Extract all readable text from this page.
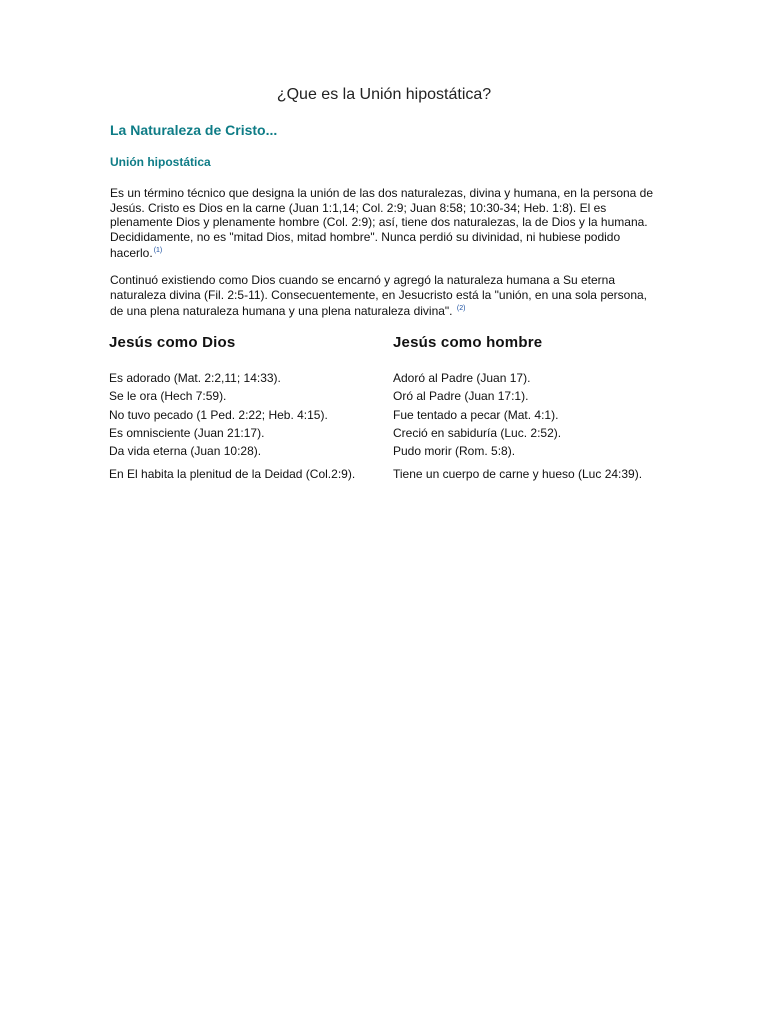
¿Que es la Unión hipostática?
La Naturaleza de Cristo...
Unión hipostática
Es un término técnico que designa la unión de las dos naturalezas, divina y humana, en la persona de Jesús. Cristo es Dios en la carne (Juan 1:1,14; Col. 2:9; Juan 8:58; 10:30-34; Heb. 1:8). El es plenamente Dios y plenamente hombre (Col. 2:9); así, tiene dos naturalezas, la de Dios y la humana. Decididamente, no es "mitad Dios, mitad hombre". Nunca perdió su divinidad, ni hubiese podido hacerlo.$^{(1)}$
Continuó existiendo como Dios cuando se encarnó y agregó la naturaleza humana a Su eterna naturaleza divina (Fil. 2:5-11). Consecuentemente, en Jesucristo está la "unión, en una sola persona, de una plena naturaleza humana y una plena naturaleza divina". $^{(2)}$
Jesús como Dios	Jesús como hombre
Es adorado (Mat. 2:2,11; 14:33).
Se le ora (Hech 7:59).
No tuvo pecado (1 Ped. 2:22; Heb. 4:15).
Es omnisciente (Juan 21:17).
Da vida eterna (Juan 10:28).
En El habita la plenitud de la Deidad (Col.2:9).
Adoró al Padre (Juan 17).
Oró al Padre (Juan 17:1).
Fue tentado a pecar (Mat. 4:1).
Creció en sabiduría (Luc. 2:52).
Pudo morir (Rom. 5:8).
Tiene un cuerpo de carne y hueso (Luc 24:39).
